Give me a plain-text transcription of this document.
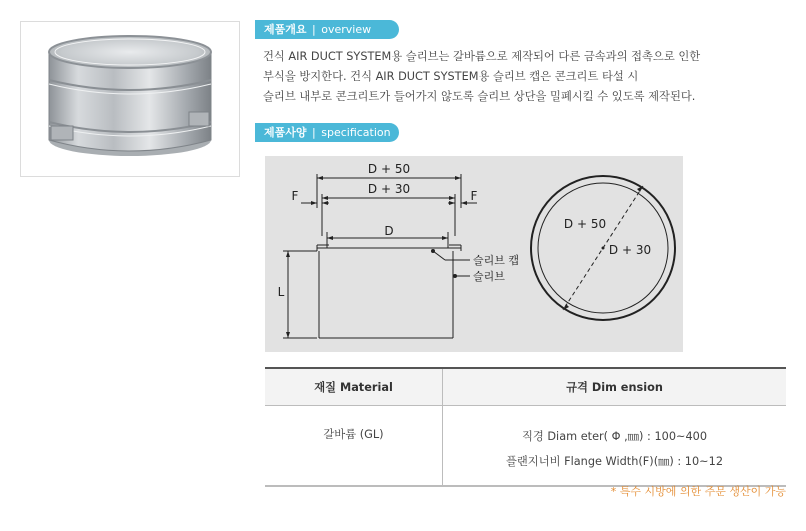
제품개요 | overview

건식 AIR DUCT SYSTEM용 슬리브는 갈바륨으로 제작되어 다른 금속과의 접촉으로 인한

부식을 방지한다. 건식 AIR DUCT SYSTEM용 슬리브 캡은 콘크리트 타설 시

슬리브 내부로 콘크리트가 들어가지 않도록 슬리브 상단을 밀폐시킬 수 있도록 제작된다.

제품사양 | specification
D + 50
D + 30
D
F	F
L
슬리브 캡
슬리브
D + 50
D + 30
재질 Material	규격 Dim ension
갈바륨 (GL)	직경 Diam eter( Φ ,㎜) : 100~400
플랜지너비 Flange Width(F)(㎜) : 10~12
* 특수 시방에 의한 주문 생산이 가능
